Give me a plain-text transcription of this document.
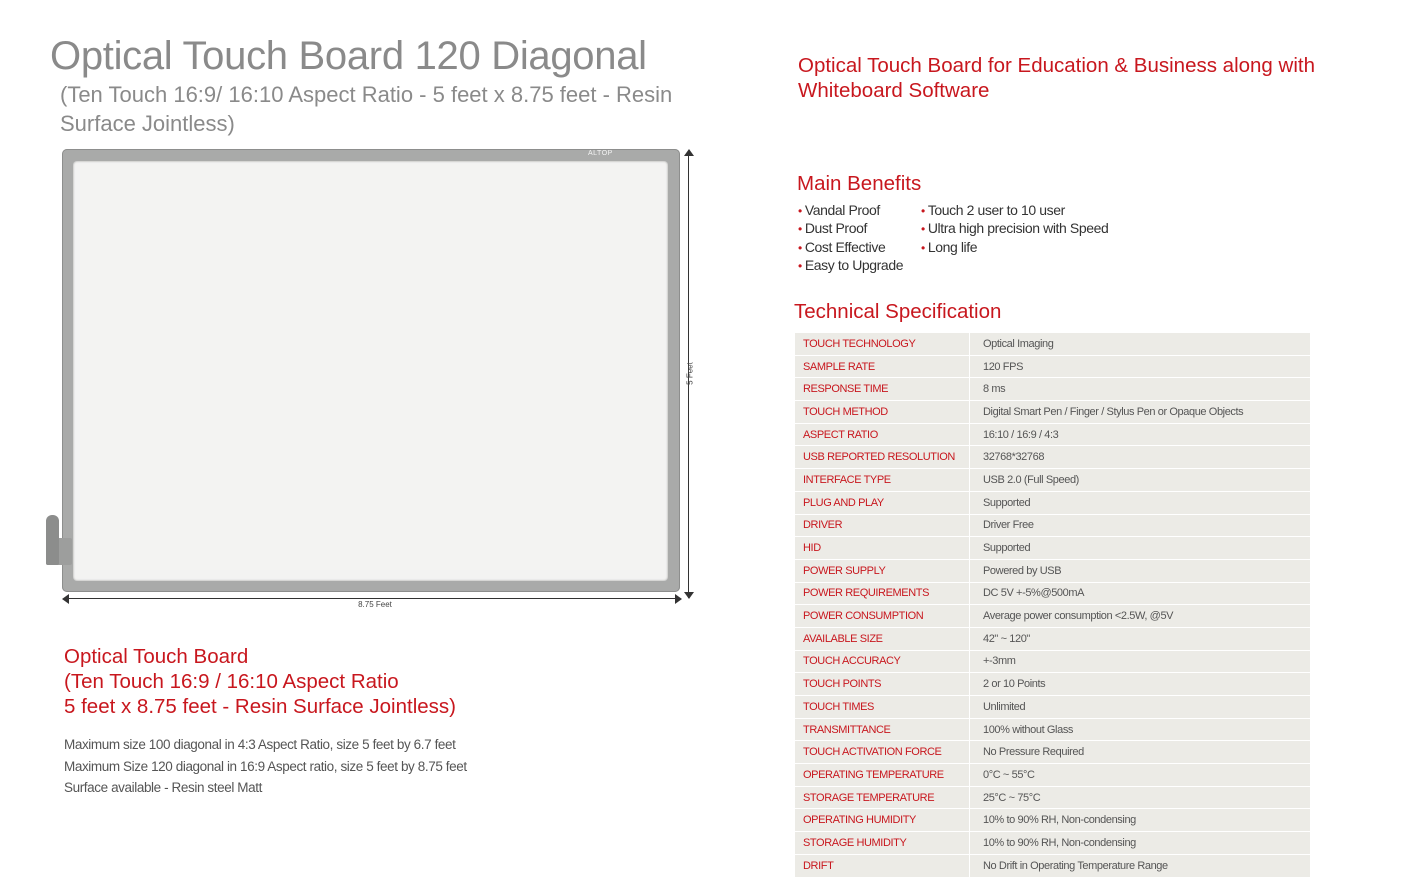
Optical Touch Board 120 Diagonal
(Ten Touch 16:9/ 16:10 Aspect Ratio - 5 feet x 8.75 feet - Resin Surface Jointless)
Optical Touch Board for Education & Business along with Whiteboard Software
ALTOP
5 Feet
8.75 Feet
Optical Touch Board
(Ten Touch 16:9 / 16:10 Aspect Ratio
5 feet x 8.75 feet - Resin Surface Jointless)
Maximum size 100 diagonal in 4:3 Aspect Ratio, size 5 feet by 6.7 feet
Maximum Size 120 diagonal in 16:9 Aspect ratio, size 5 feet by 8.75 feet
Surface available - Resin steel Matt
Main Benefits
• Vandal Proof
• Dust Proof
• Cost Effective
• Easy to Upgrade
• Touch 2 user to 10 user
• Ultra high precision with Speed
• Long life
Technical Specification
TOUCH TECHNOLOGY	Optical Imaging
SAMPLE RATE	120 FPS
RESPONSE TIME	8 ms
TOUCH METHOD	Digital Smart Pen / Finger / Stylus Pen or Opaque Objects
ASPECT RATIO	16:10 / 16:9 / 4:3
USB REPORTED RESOLUTION	32768*32768
INTERFACE TYPE	USB 2.0 (Full Speed)
PLUG AND PLAY	Supported
DRIVER	Driver Free
HID	Supported
POWER SUPPLY	Powered by USB
POWER REQUIREMENTS	DC 5V +-5%@500mA
POWER CONSUMPTION	Average power consumption <2.5W, @5V
AVAILABLE SIZE	42" ~ 120"
TOUCH ACCURACY	+-3mm
TOUCH POINTS	2 or 10 Points
TOUCH TIMES	Unlimited
TRANSMITTANCE	100% without Glass
TOUCH ACTIVATION FORCE	No Pressure Required
OPERATING TEMPERATURE	0°C ~ 55°C
STORAGE TEMPERATURE	25°C ~ 75°C
OPERATING HUMIDITY	10% to 90% RH, Non-condensing
STORAGE HUMIDITY	10% to 90% RH, Non-condensing
DRIFT	No Drift in Operating Temperature Range
